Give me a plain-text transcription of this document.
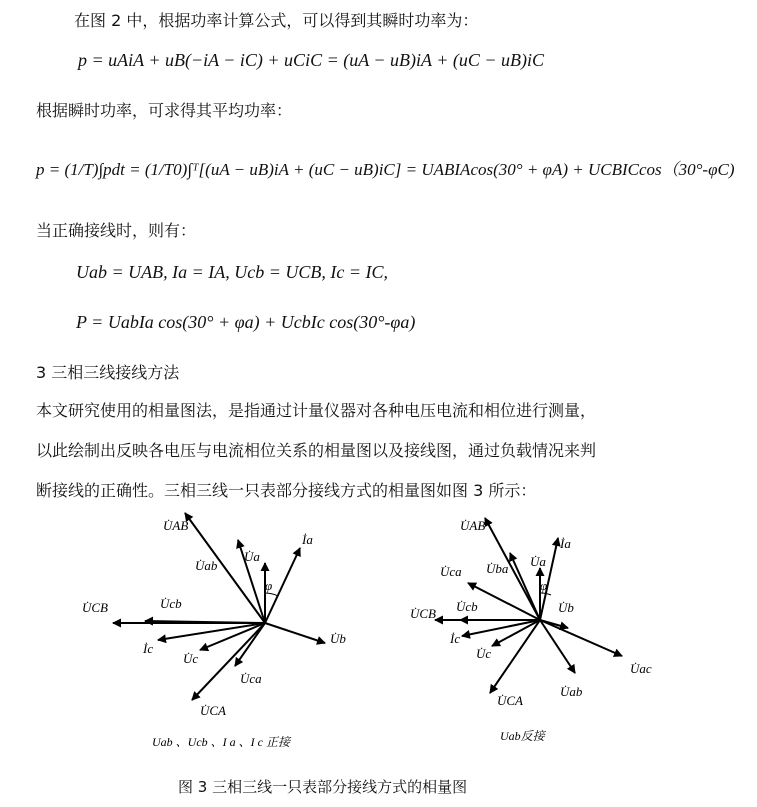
在图 2 中，根据功率计算公式，可以得到其瞬时功率为：
p = uAiA + uB(−iA − iC) + uCiC = (uA − uB)iA + (uC − uB)iC
根据瞬时功率，可求得其平均功率：
p = (1/T)∫pdt = (1/T0)∫ᵀ[(uA − uB)iA + (uC − uB)iC] = UABIAcos(30° + φA) + UCBICcos（30°-φC)
当正确接线时，则有：
Uab = UAB, Ia = IA, Ucb = UCB, Ic = IC,
P = UabIa cos(30° + φa) + UcbIc cos(30°-φa)
3 三相三线接线方法
本文研究使用的相量图法，是指通过计量仪器对各种电压电流和相位进行测量，
以此绘制出反映各电压与电流相位关系的相量图以及接线图，通过负载情况来判
断接线的正确性。三相三线一只表部分接线方式的相量图如图 3 所示：
U̇AB
U̇a
İa
U̇ab
φ
U̇CB	U̇cb
U̇b
İc
U̇c
U̇ca
U̇CA
Uab 、Ucb 、I a 、I c 正接
U̇AB
İa
U̇a
U̇ba
U̇ca
φ
U̇CB U̇cb	U̇b
İc
U̇c
U̇ac
U̇CA
U̇ab
Uab反接
图 3 三相三线一只表部分接线方式的相量图
